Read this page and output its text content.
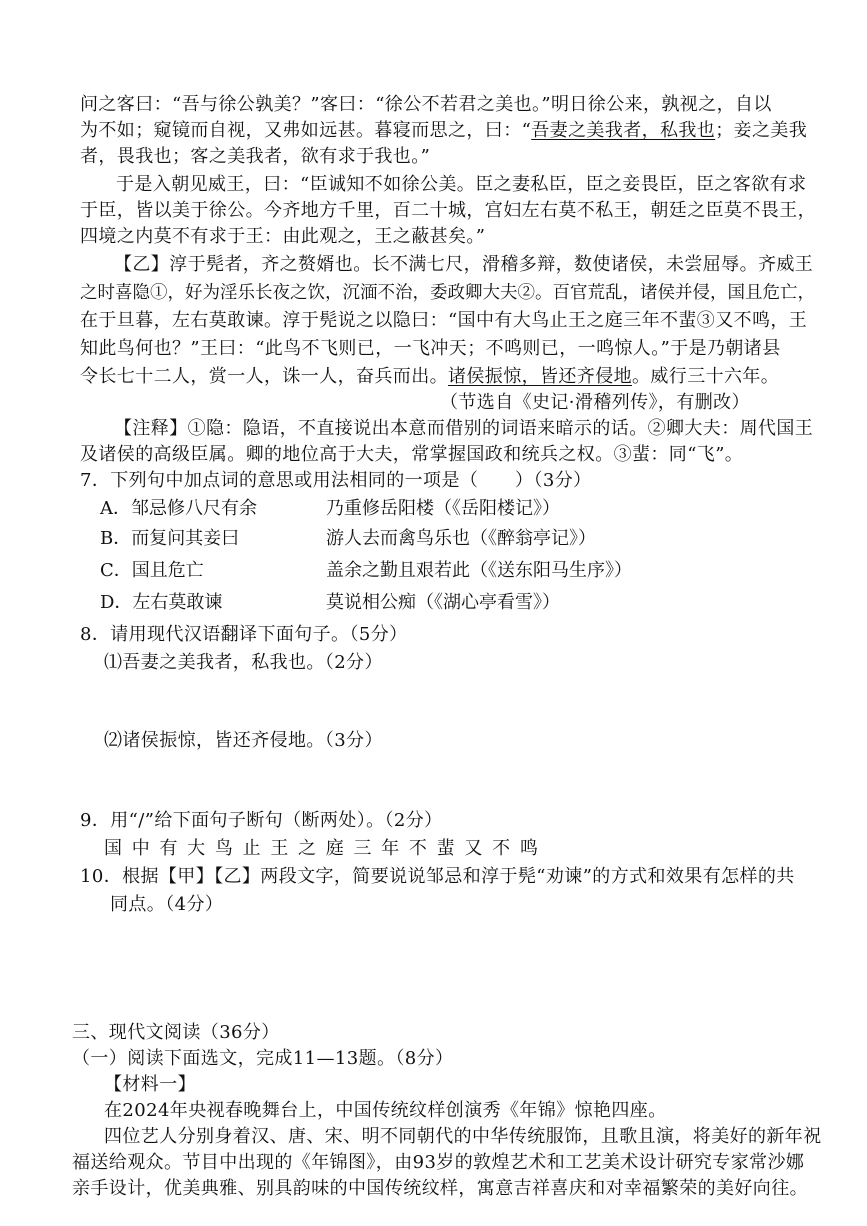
问之客曰：“吾与徐公孰美？”客曰：“徐公不若君之美也。”明日徐公来，孰视之，自以
为不如；窥镜而自视，又弗如远甚。暮寝而思之，曰：“吾妻之美我者，私我也；妾之美我
者，畏我也；客之美我者，欲有求于我也。”
于是入朝见威王，曰：“臣诚知不如徐公美。臣之妻私臣，臣之妾畏臣，臣之客欲有求
于臣，皆以美于徐公。今齐地方千里，百二十城，宫妇左右莫不私王，朝廷之臣莫不畏王，
四境之内莫不有求于王：由此观之，王之蔽甚矣。”
【乙】淳于髡者，齐之赘婿也。长不满七尺，滑稽多辩，数使诸侯，未尝屈辱。齐威王
之时喜隐①，好为淫乐长夜之饮，沉湎不治，委政卿大夫②。百官荒乱，诸侯并侵，国且危亡，
在于旦暮，左右莫敢谏。淳于髡说之以隐曰：“国中有大鸟止王之庭三年不蜚③又不鸣，王
知此鸟何也？”王曰：“此鸟不飞则已，一飞冲天；不鸣则已，一鸣惊人。”于是乃朝诸县
令长七十二人，赏一人，诛一人，奋兵而出。诸侯振惊，皆还齐侵地。威行三十六年。
（节选自《史记·滑稽列传》，有删改）
【注释】①隐：隐语，不直接说出本意而借别的词语来暗示的话。②卿大夫：周代国王
及诸侯的高级臣属。卿的地位高于大夫，常掌握国政和统兵之权。③蜚：同“飞”。
7．下列句中加点词的意思或用法相同的一项是（　　）（3分）
A．邹忌修八尺有余	乃重修岳阳楼（《岳阳楼记》）
B．而复问其妾曰	游人去而禽鸟乐也（《醉翁亭记》）
C．国且危亡	盖余之勤且艰若此（《送东阳马生序》）
D．左右莫敢谏	莫说相公痴（《湖心亭看雪》）
8．请用现代汉语翻译下面句子。（5分）
⑴吾妻之美我者，私我也。（2分）
⑵诸侯振惊，皆还齐侵地。（3分）
9．用“/”给下面句子断句（断两处）。（2分）
国 中 有 大 鸟 止 王 之 庭 三 年 不 蜚 又 不 鸣
10．根据【甲】【乙】两段文字，简要说说邹忌和淳于髡“劝谏”的方式和效果有怎样的共
同点。（4分）
三、现代文阅读（36分）
（一）阅读下面选文，完成11—13题。（8分）
【材料一】
在2024年央视春晚舞台上，中国传统纹样创演秀《年锦》惊艳四座。
四位艺人分别身着汉、唐、宋、明不同朝代的中华传统服饰，且歌且演，将美好的新年祝
福送给观众。节目中出现的《年锦图》，由93岁的敦煌艺术和工艺美术设计研究专家常沙娜
亲手设计，优美典雅、别具韵味的中国传统纹样，寓意吉祥喜庆和对幸福繁荣的美好向往。
